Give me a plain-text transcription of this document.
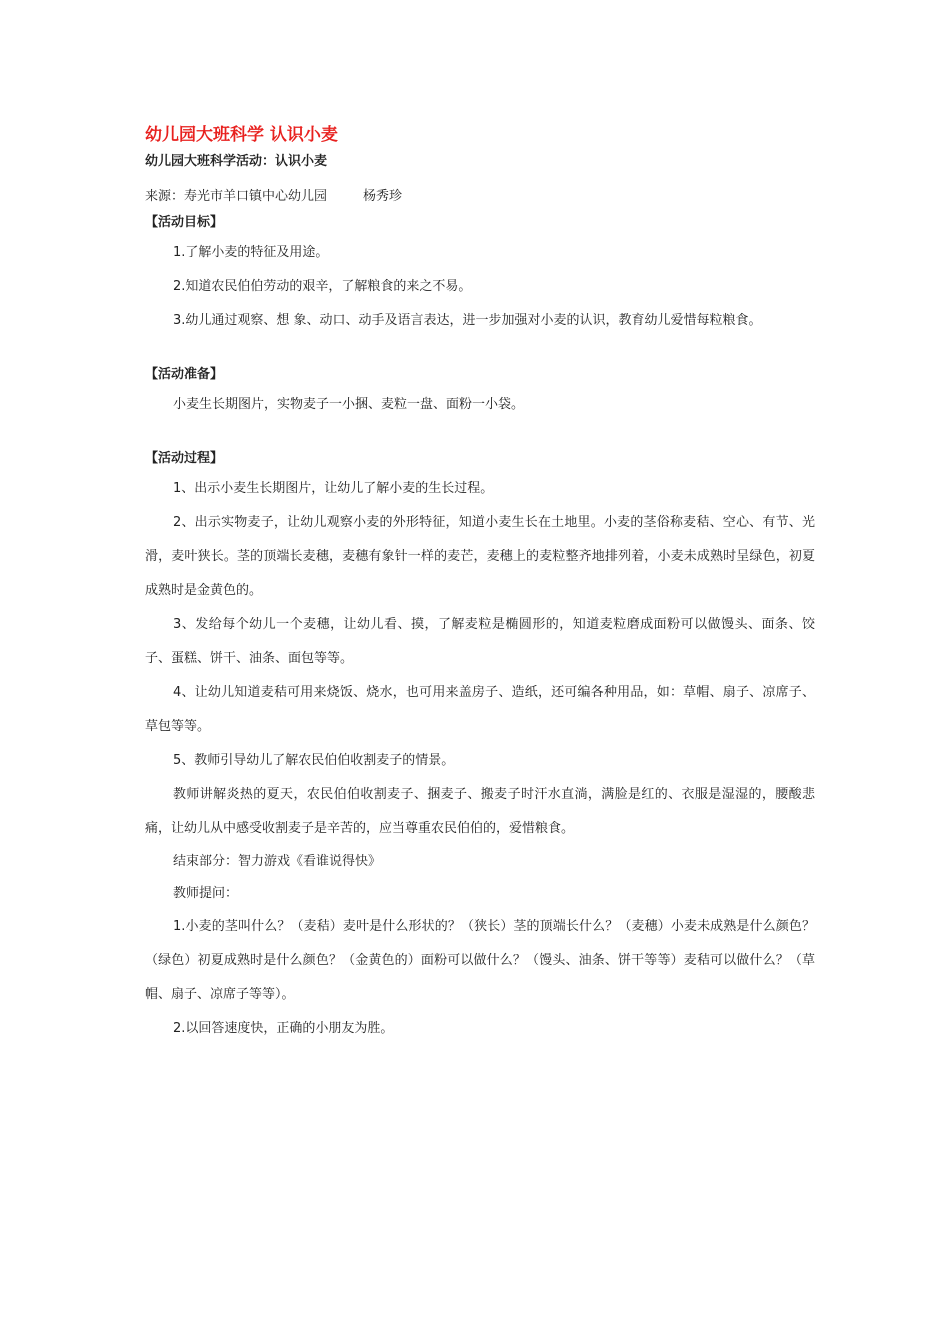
幼儿园大班科学 认识小麦
幼儿园大班科学活动：认识小麦
来源：寿光市羊口镇中心幼儿园	杨秀珍
【活动目标】

1.了解小麦的特征及用途。

2.知道农民伯伯劳动的艰辛，了解粮食的来之不易。

3.幼儿通过观察、想 象、动口、动手及语言表达，进一步加强对小麦的认识，教育幼儿爱惜每粒粮食。

【活动准备】

小麦生长期图片，实物麦子一小捆、麦粒一盘、面粉一小袋。

【活动过程】

1、出示小麦生长期图片，让幼儿了解小麦的生长过程。

2、出示实物麦子，让幼儿观察小麦的外形特征，知道小麦生长在土地里。小麦的茎俗称麦秸、空心、有节、光滑，麦叶狭长。茎的顶端长麦穗，麦穗有象针一样的麦芒，麦穗上的麦粒整齐地排列着，小麦未成熟时呈绿色，初夏成熟时是金黄色的。

3、发给每个幼儿一个麦穗，让幼儿看、摸，了解麦粒是椭圆形的，知道麦粒磨成面粉可以做馒头、面条、饺子、蛋糕、饼干、油条、面包等等。

4、让幼儿知道麦秸可用来烧饭、烧水，也可用来盖房子、造纸，还可编各种用品，如：草帽、扇子、凉席子、草包等等。

5、教师引导幼儿了解农民伯伯收割麦子的情景。

教师讲解炎热的夏天，农民伯伯收割麦子、捆麦子、搬麦子时汗水直淌，满脸是红的、衣服是湿湿的，腰酸悲痛，让幼儿从中感受收割麦子是辛苦的，应当尊重农民伯伯的，爱惜粮食。

结束部分：智力游戏《看谁说得快》

教师提问：

1.小麦的茎叫什么？（麦秸）麦叶是什么形状的？（狭长）茎的顶端长什么？（麦穗）小麦未成熟是什么颜色？（绿色）初夏成熟时是什么颜色？（金黄色的）面粉可以做什么？（馒头、油条、饼干等等）麦秸可以做什么？（草帽、扇子、凉席子等等）。

2.以回答速度快，正确的小朋友为胜。
